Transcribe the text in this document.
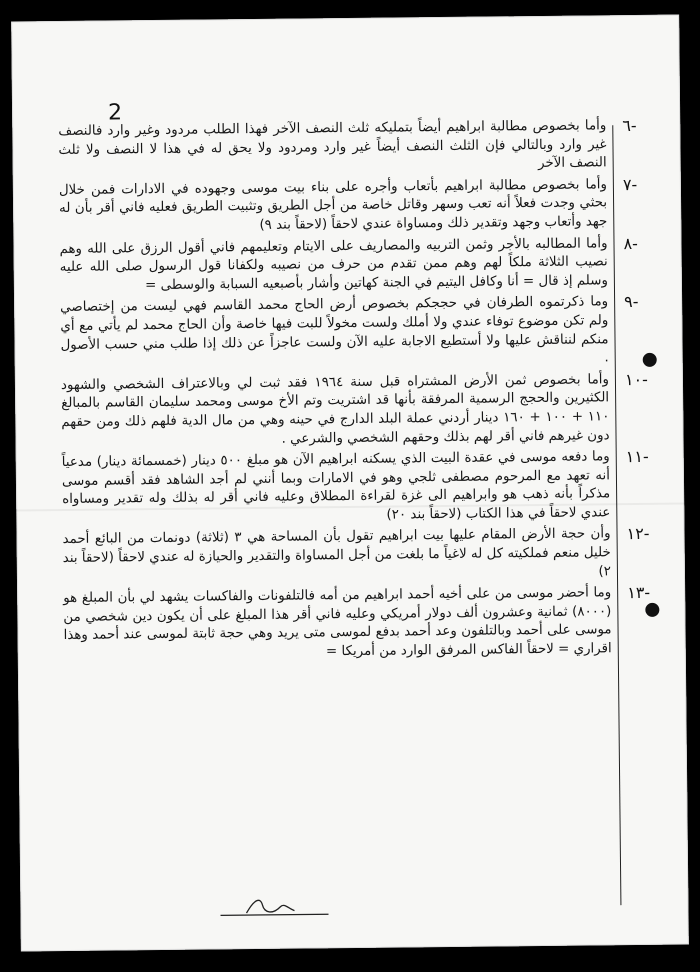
2
٦-
وأما بخصوص مطالبة ابراهيم أيضاً بتمليكه ثلث النصف الآخر فهذا الطلب مردود وغير وارد فالنصف غير وارد وبالتالي فإن الثلث النصف أيضاً غير وارد ومردود ولا يحق له في هذا لا النصف ولا ثلث النصف الآخر
٧-
وأما بخصوص مطالبة ابراهيم بأتعاب وأجره على بناء بيت موسى وجهوده في الادارات فمن خلال بحثي وجدت فعلاً أنه تعب وسهر وقاتل خاصة من أجل الطريق وتثبيت الطريق فعليه فاني أقر بأن له جهد وأتعاب وجهد وتقدير ذلك ومساواة عندي لاحقاً (لاحقاً بند ٩)
٨-
وأما المطالبه بالأجر وثمن التربيه والمصاريف على الايتام وتعليمهم فاني أقول الرزق على الله وهم نصيب الثلاثة ملكاً لهم وهم ممن تقدم من حرف من نصيبه ولكفانا قول الرسول صلى الله عليه وسلم إذ قال = أنا وكافل اليتيم في الجنة كهاتين وأشار بأصبعيه السبابة والوسطى =
٩-
وما ذكرتموه الطرفان في حججكم بخصوص أرض الحاج محمد القاسم فهي ليست من إختصاصي ولم تكن موضوع توفاء عندي ولا أملك ولست مخولاً للبت فيها خاصة وأن الحاج محمد لم يأتي مع أي منكم لنناقش عليها ولا أستطيع الاجابة عليه الآن ولست عاجزاً عن ذلك إذا طلب مني حسب الأصول .
١٠-
وأما بخصوص ثمن الأرض المشتراه قبل سنة ١٩٦٤ فقد ثبت لي وبالاعتراف الشخصي والشهود الكثيرين والحجج الرسمية المرفقة بأنها قد اشتريت وتم الأخ موسى ومحمد سليمان القاسم بالمبالغ ١١٠ + ١٠٠ + ١٦٠ دينار أردني عملة البلد الدارج في حينه وهي من مال الدية فلهم ذلك ومن حقهم دون غيرهم فاني أقر لهم بذلك وحقهم الشخصي والشرعي .
١١-
وما دفعه موسى في عقدة البيت الذي يسكنه ابراهيم الآن هو مبلغ ٥٠٠ دينار (خمسمائة دينار) مدعياً أنه تعهد مع المرحوم مصطفى ثلجي وهو في الامارات وبما أنني لم أجد الشاهد فقد أقسم موسى مذكراً بأنه ذهب هو وابراهيم الى غزة لقراءة المطلاق وعليه فاني أقر له بذلك وله تقدير ومساواه عندي لاحقاً في هذا الكتاب (لاحقاً بند ٢٠)
١٢-
وأن حجة الأرض المقام عليها بيت ابراهيم تقول بأن المساحة هي ٣ (ثلاثة) دونمات من البائع أحمد خليل منعم فملكيته كل له لاغياً ما بلغت من أجل المساواة والتقدير والحيازة له عندي لاحقاً (لاحقاً بند ٢)
١٣-
وما أحضر موسى من على أخيه أحمد ابراهيم من أمه فالتلفونات والفاكسات يشهد لي بأن المبلغ هو (٨٠٠٠) ثمانية وعشرون ألف دولار أمريكي وعليه فاني أقر هذا المبلغ على أن يكون دين شخصي من موسى على أحمد وبالتلفون وعد أحمد بدفع لموسى متى يريد وهي حجة ثابتة لموسى عند أحمد وهذا اقراري = لاحقاً الفاكس المرفق الوارد من أمريكا =
